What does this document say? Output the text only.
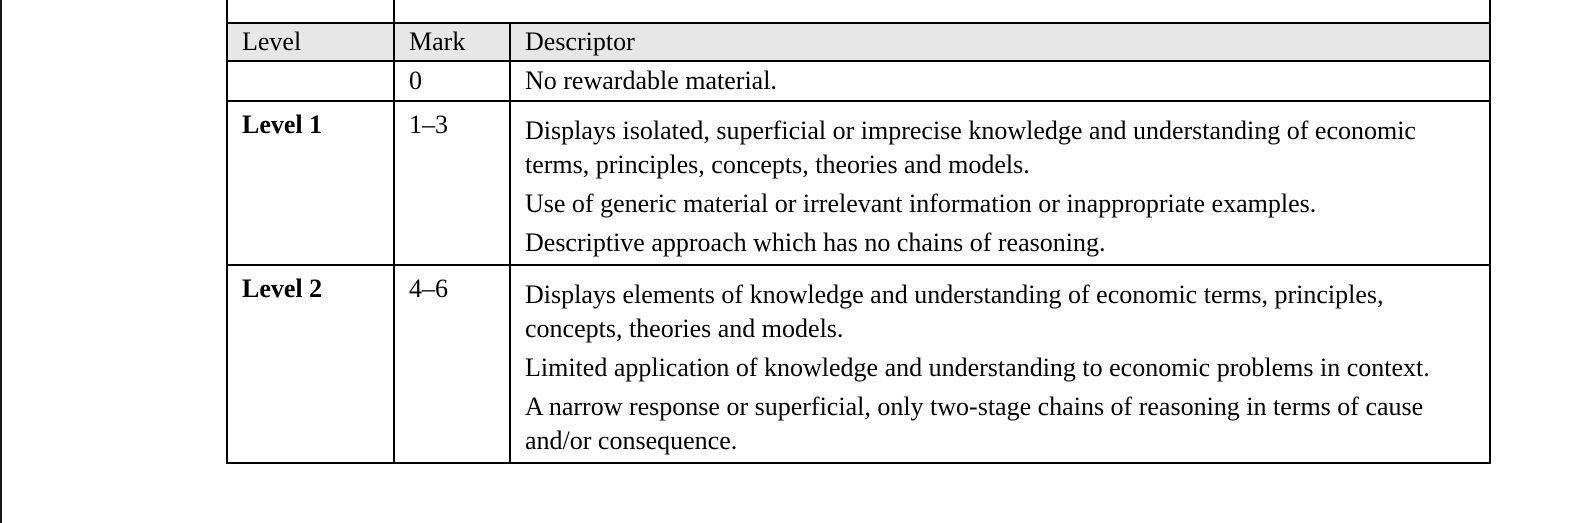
Level	Mark	Descriptor
	0	No rewardable material.
Level 1	1–3	Displays isolated, superficial or imprecise knowledge and understanding of economic terms, principles, concepts, theories and models.

Use of generic material or irrelevant information or inappropriate examples.

Descriptive approach which has no chains of reasoning.

Level 2	4–6	Displays elements of knowledge and understanding of economic terms, principles, concepts, theories and models.

Limited application of knowledge and understanding to economic problems in context.

A narrow response or superficial, only two-stage chains of reasoning in terms of cause and/or consequence.
